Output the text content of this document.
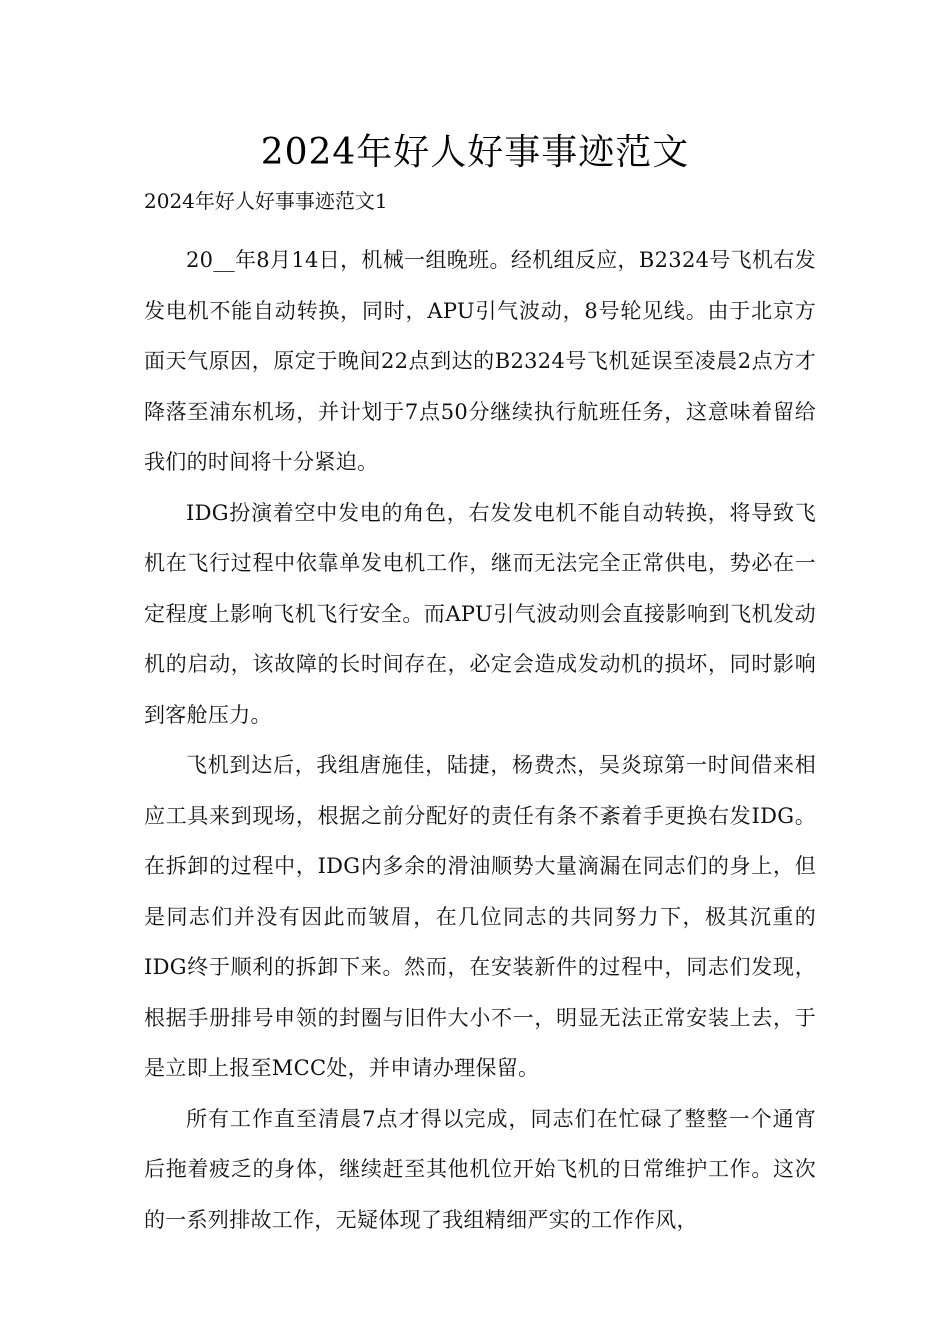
2024年好人好事事迹范文
2024年好人好事事迹范文1

20__年8月14日，机械一组晚班。经机组反应，B2324号飞机右发发电机不能自动转换，同时，APU引气波动，8号轮见线。由于北京方面天气原因，原定于晚间22点到达的B2324号飞机延误至凌晨2点方才降落至浦东机场，并计划于7点50分继续执行航班任务，这意味着留给我们的时间将十分紧迫。

IDG扮演着空中发电的角色，右发发电机不能自动转换，将导致飞机在飞行过程中依靠单发电机工作，继而无法完全正常供电，势必在一定程度上影响飞机飞行安全。而APU引气波动则会直接影响到飞机发动机的启动，该故障的长时间存在，必定会造成发动机的损坏，同时影响到客舱压力。

飞机到达后，我组唐施佳，陆捷，杨费杰，吴炎琼第一时间借来相应工具来到现场，根据之前分配好的责任有条不紊着手更换右发IDG。在拆卸的过程中，IDG内多余的滑油顺势大量滴漏在同志们的身上，但是同志们并没有因此而皱眉，在几位同志的共同努力下，极其沉重的IDG终于顺利的拆卸下来。然而，在安装新件的过程中，同志们发现，根据手册排号申领的封圈与旧件大小不一，明显无法正常安装上去，于是立即上报至MCC处，并申请办理保留。

所有工作直至清晨7点才得以完成，同志们在忙碌了整整一个通宵后拖着疲乏的身体，继续赶至其他机位开始飞机的日常维护工作。这次的一系列排故工作，无疑体现了我组精细严实的工作作风，
